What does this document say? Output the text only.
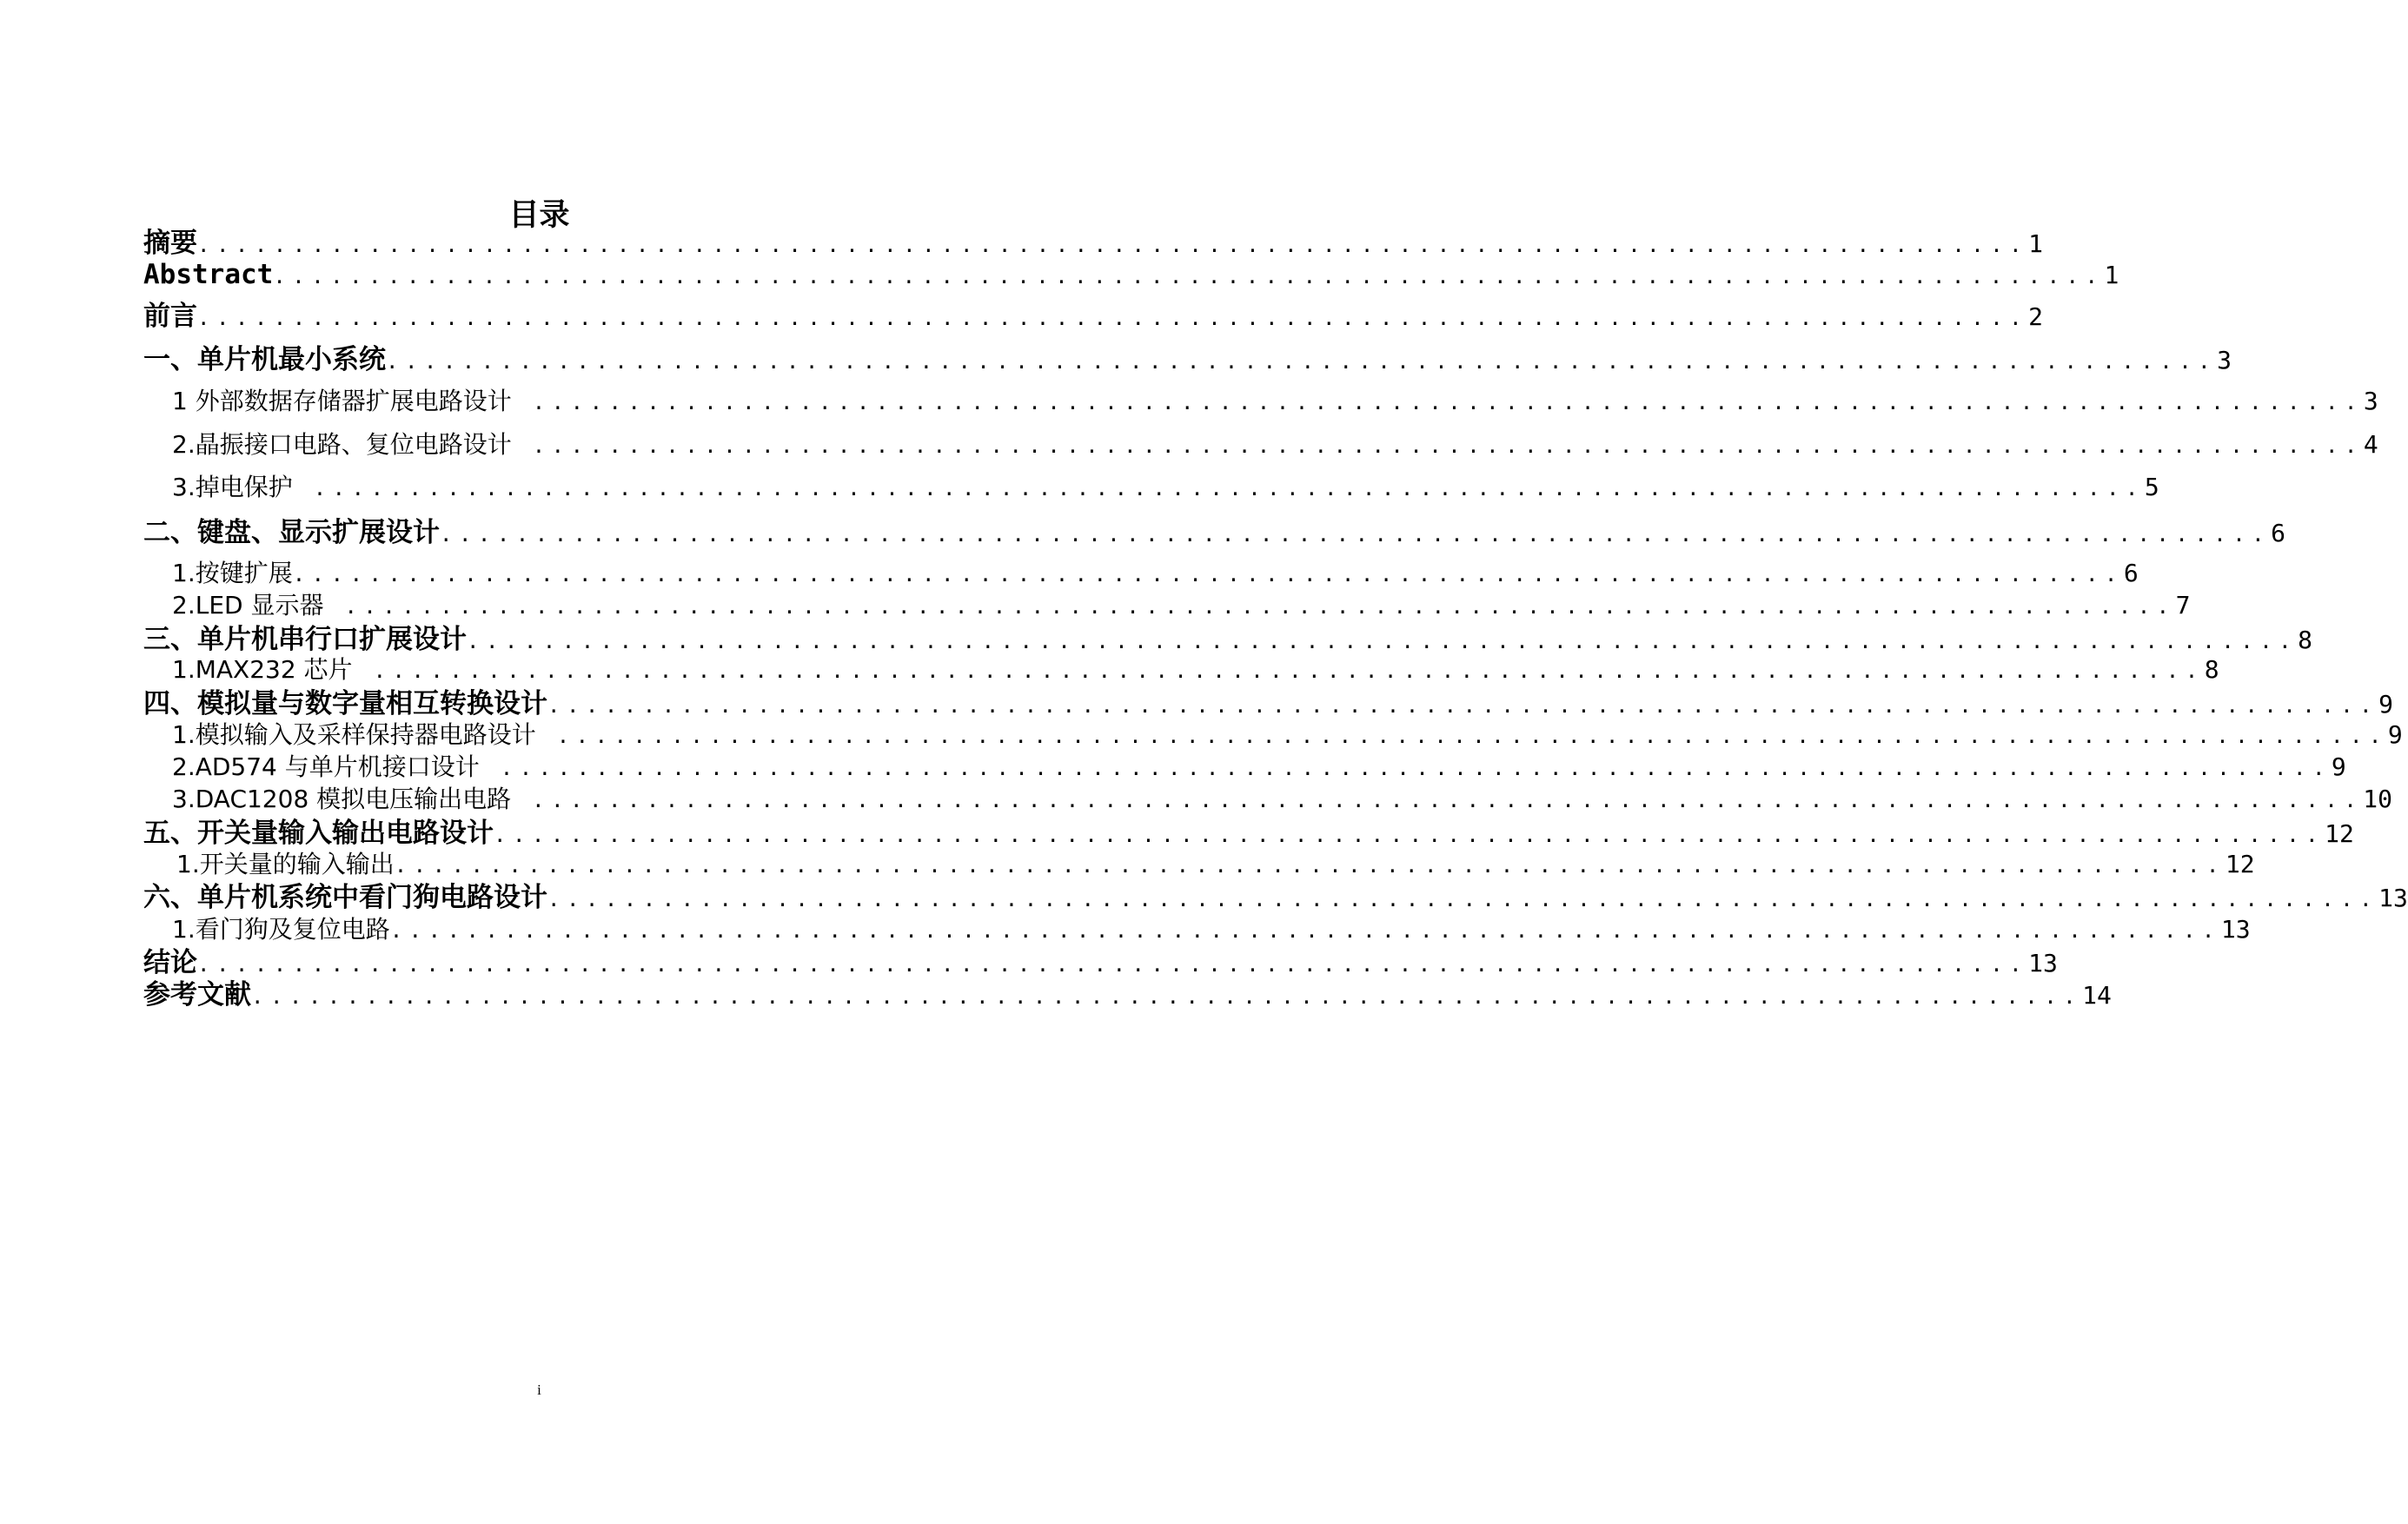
目录
摘要 ................................................................................................ 1
Abstract ................................................................................................ 1
前言 ................................................................................................ 2
一、单片机最小系统 ................................................................................................ 3
1 外部数据存储器扩展电路设计 ................................................................................................ 3
2.晶振接口电路、复位电路设计 ................................................................................................ 4
3.掉电保护 ................................................................................................ 5
二、键盘、显示扩展设计 ................................................................................................ 6
1.按键扩展 ................................................................................................ 6
2.LED 显示器 ................................................................................................ 7
三、单片机串行口扩展设计 ................................................................................................ 8
1.MAX232 芯片 ................................................................................................ 8
四、模拟量与数字量相互转换设计 ................................................................................................ 9
1.模拟输入及采样保持器电路设计 ................................................................................................ 9
2.AD574 与单片机接口设计 ................................................................................................ 9
3.DAC1208 模拟电压输出电路 ................................................................................................ 10
五、开关量输入输出电路设计 ................................................................................................ 12
1.开关量的输入输出 ................................................................................................ 12
六、单片机系统中看门狗电路设计 ................................................................................................ 13
1.看门狗及复位电路 ................................................................................................ 13
结论 ................................................................................................ 13
参考文献 ................................................................................................ 14
i
